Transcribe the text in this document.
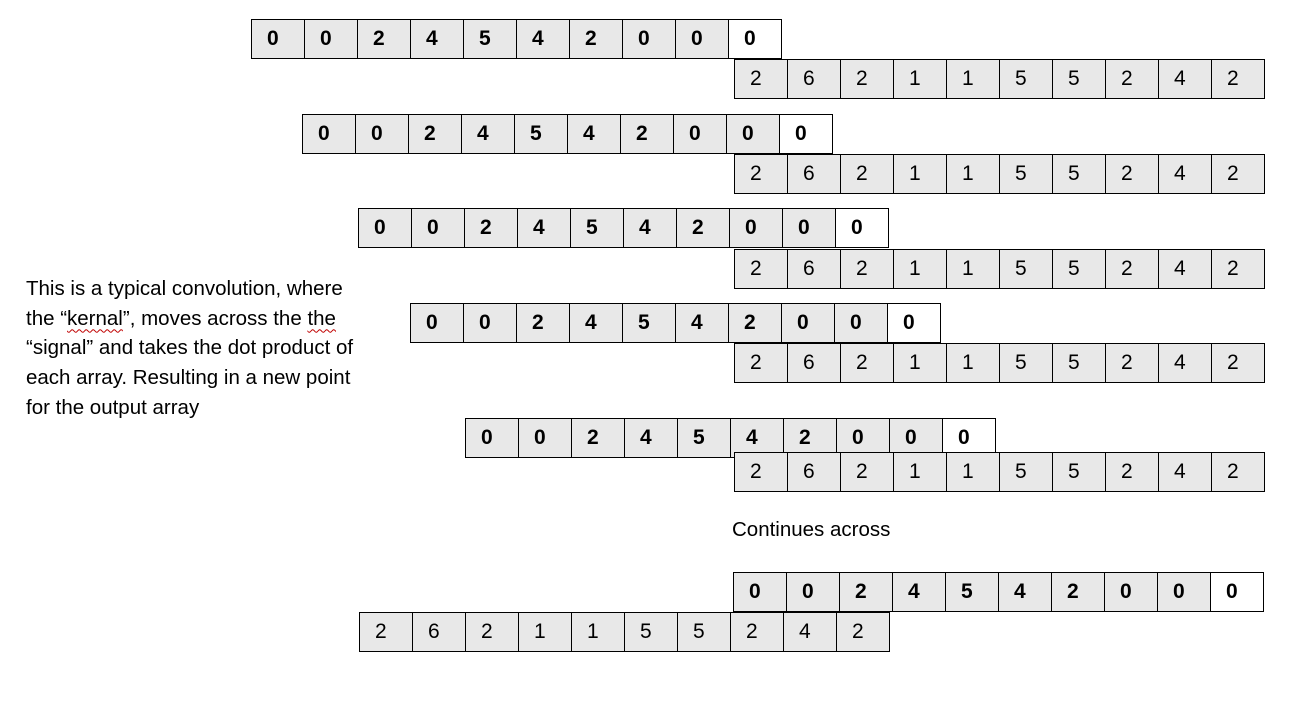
0	0	2	4	5	4	2	0	0	0
2	6	2	1	1	5	5	2	4	2
0	0	2	4	5	4	2	0	0	0
2	6	2	1	1	5	5	2	4	2
0	0	2	4	5	4	2	0	0	0
2	6	2	1	1	5	5	2	4	2
0	0	2	4	5	4	2	0	0	0
2	6	2	1	1	5	5	2	4	2
0	0	2	4	5	4	2	0	0	0
2	6	2	1	1	5	5	2	4	2
0	0	2	4	5	4	2	0	0	0
2	6	2	1	1	5	5	2	4	2
This is a typical convolution, where the “kernal”, moves across the the “signal” and takes the dot product of each array. Resulting in a new point for the output array
Continues across
